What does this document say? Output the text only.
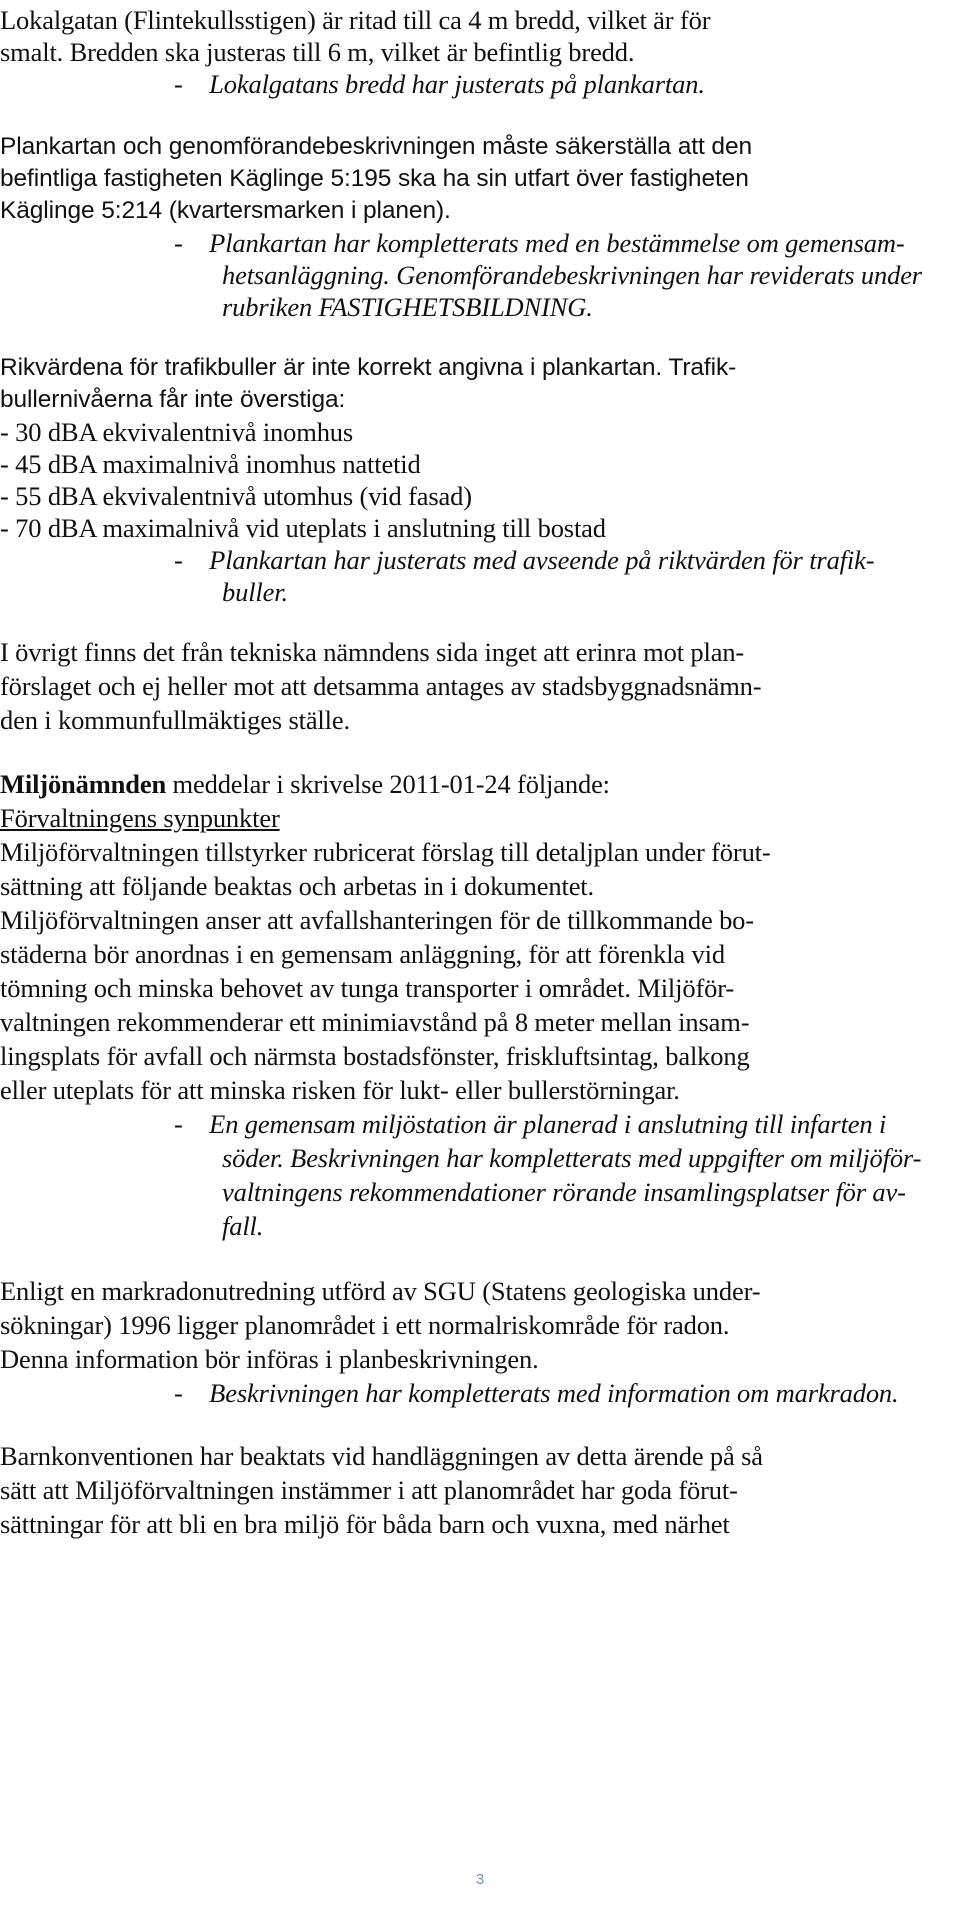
Lokalgatan (Flintekullsstigen) är ritad till ca 4 m bredd, vilket är för
smalt. Bredden ska justeras till 6 m, vilket är befintlig bredd.
- Lokalgatans bredd har justerats på plankartan.
Plankartan och genomförandebeskrivningen måste säkerställa att den
befintliga fastigheten Käglinge 5:195 ska ha sin utfart över fastigheten
Käglinge 5:214 (kvartersmarken i planen).
- Plankartan har kompletterats med en bestämmelse om gemensam-
hetsanläggning. Genomförandebeskrivningen har reviderats under
rubriken FASTIGHETSBILDNING.
Rikvärdena för trafikbuller är inte korrekt angivna i plankartan. Trafik-
bullernivåerna får inte överstiga:
- 30 dBA ekvivalentnivå inomhus
- 45 dBA maximalnivå inomhus nattetid
- 55 dBA ekvivalentnivå utomhus (vid fasad)
- 70 dBA maximalnivå vid uteplats i anslutning till bostad
- Plankartan har justerats med avseende på riktvärden för trafik-
buller.
I övrigt finns det från tekniska nämndens sida inget att erinra mot plan-
förslaget och ej heller mot att detsamma antages av stadsbyggnadsnämn-
den i kommunfullmäktiges ställe.
Miljönämnden meddelar i skrivelse 2011-01-24 följande:
Förvaltningens synpunkter
Miljöförvaltningen tillstyrker rubricerat förslag till detaljplan under förut-
sättning att följande beaktas och arbetas in i dokumentet.
Miljöförvaltningen anser att avfallshanteringen för de tillkommande bo-
städerna bör anordnas i en gemensam anläggning, för att förenkla vid
tömning och minska behovet av tunga transporter i området. Miljöför-
valtningen rekommenderar ett minimiavstånd på 8 meter mellan insam-
lingsplats för avfall och närmsta bostadsfönster, friskluftsintag, balkong
eller uteplats för att minska risken för lukt- eller bullerstörningar.
- En gemensam miljöstation är planerad i anslutning till infarten i
söder. Beskrivningen har kompletterats med uppgifter om miljöför-
valtningens rekommendationer rörande insamlingsplatser för av-
fall.
Enligt en markradonutredning utförd av SGU (Statens geologiska under-
sökningar) 1996 ligger planområdet i ett normalriskområde för radon.
Denna information bör införas i planbeskrivningen.
- Beskrivningen har kompletterats med information om markradon.
Barnkonventionen har beaktats vid handläggningen av detta ärende på så
sätt att Miljöförvaltningen instämmer i att planområdet har goda förut-
sättningar för att bli en bra miljö för båda barn och vuxna, med närhet
3
